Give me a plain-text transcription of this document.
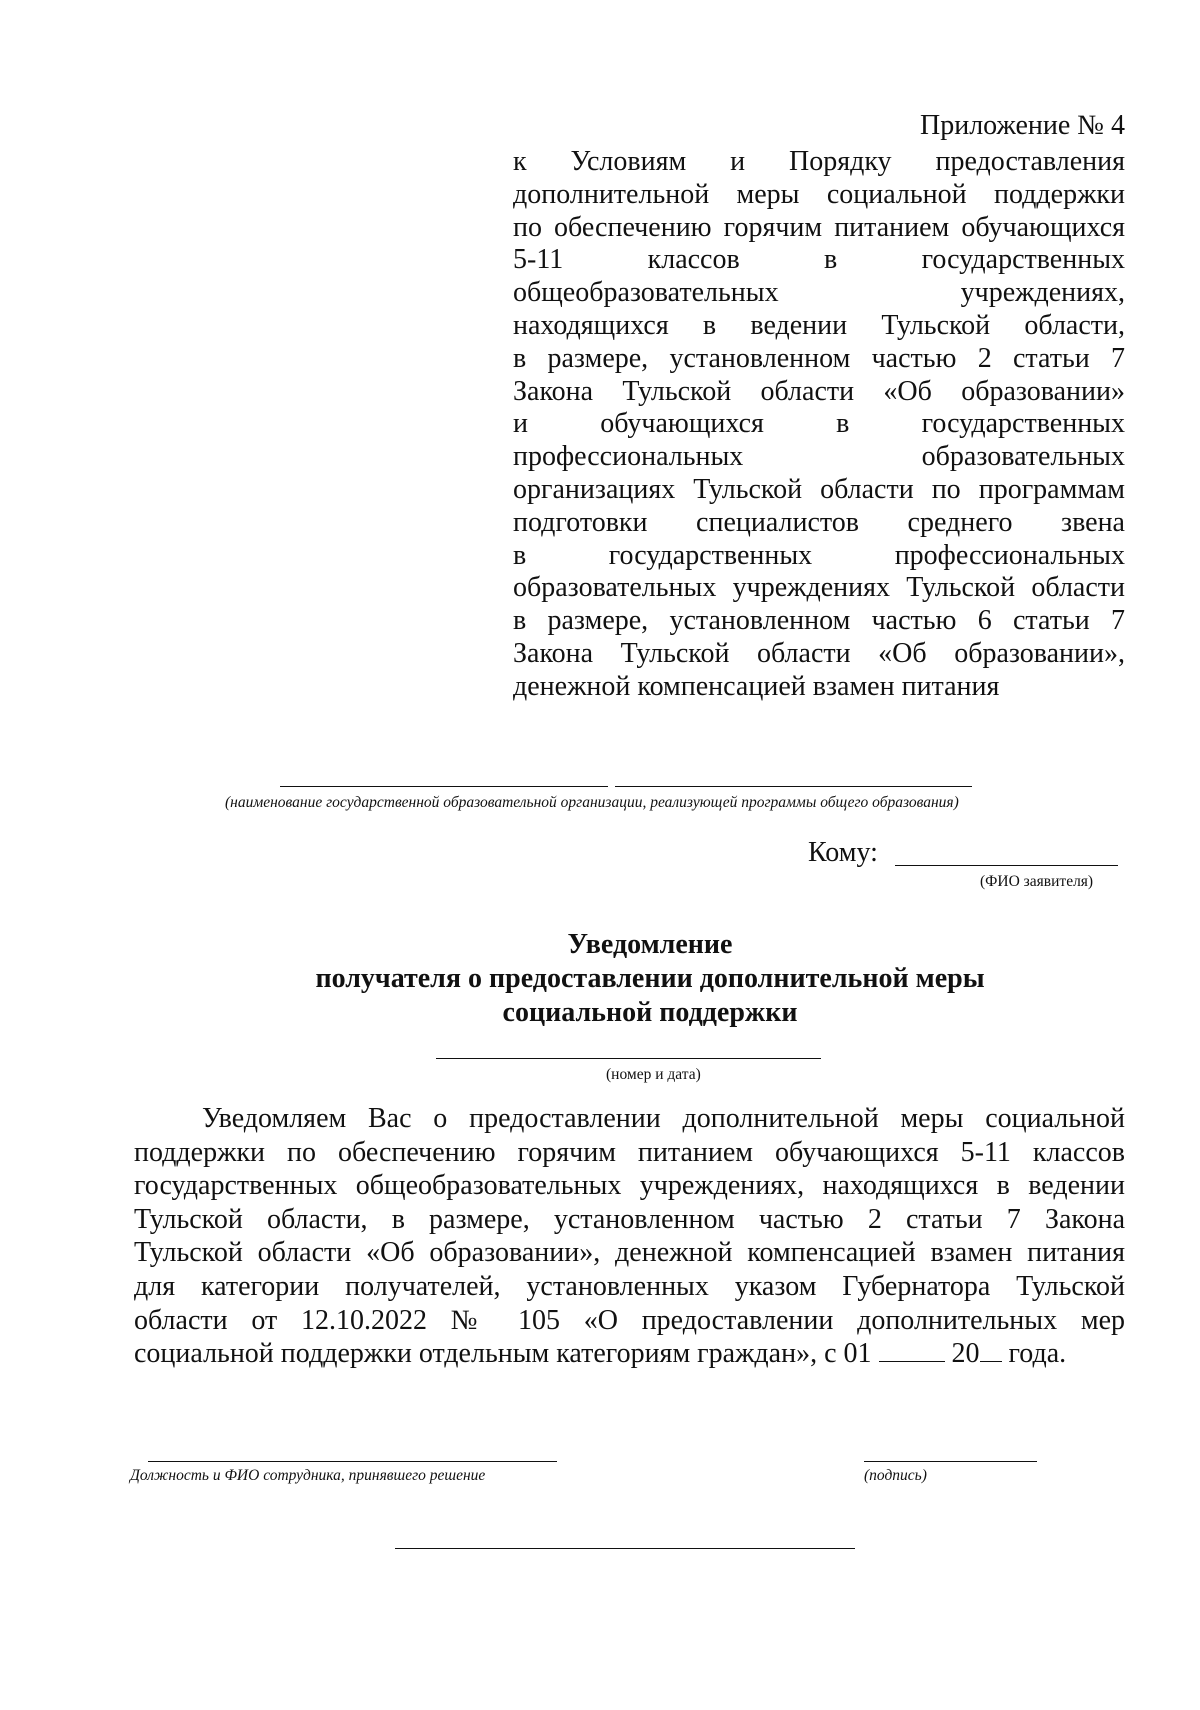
Приложение № 4
к Условиям и Порядку предоставления
дополнительной меры социальной поддержки
по обеспечению горячим питанием обучающихся
5-11 классов в государственных
общеобразовательных учреждениях,
находящихся в ведении Тульской области,
в размере, установленном частью 2 статьи 7
Закона Тульской области «Об образовании»
и обучающихся в государственных
профессиональных образовательных
организациях Тульской области по программам
подготовки специалистов среднего звена
в государственных профессиональных
образовательных учреждениях Тульской области
в размере, установленном частью 6 статьи 7
Закона Тульской области «Об образовании»,
денежной компенсацией взамен питания
(наименование государственной образовательной организации, реализующей программы общего образования)
Кому:
(ФИО заявителя)
Уведомление
получателя о предоставлении дополнительной меры
социальной поддержки
(номер и дата)
Уведомляем Вас о предоставлении дополнительной меры социальной
поддержки по обеспечению горячим питанием обучающихся 5-11 классов
государственных общеобразовательных учреждениях, находящихся в ведении
Тульской области, в размере, установленном частью 2 статьи 7 Закона
Тульской области «Об образовании», денежной компенсацией взамен питания
для категории получателей, установленных указом Губернатора Тульской
области от 12.10.2022 № 105 «О предоставлении дополнительных мер
социальной поддержки отдельным категориям граждан», с 01	20 года.
Должность и ФИО сотрудника, принявшего решение	(подпись)
